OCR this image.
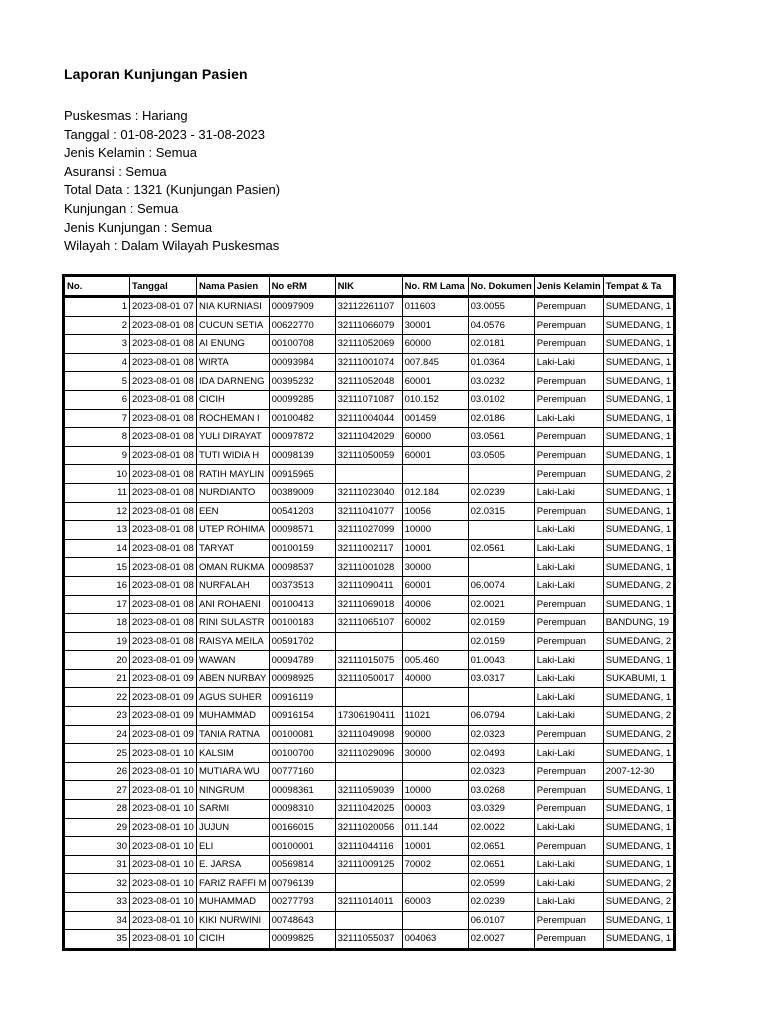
Laporan Kunjungan Pasien
Puskesmas : Hariang
Tanggal : 01-08-2023 - 31-08-2023
Jenis Kelamin : Semua
Asuransi : Semua
Total Data : 1321 (Kunjungan Pasien)
Kunjungan : Semua
Jenis Kunjungan : Semua
Wilayah : Dalam Wilayah Puskesmas
No.	Tanggal	Nama Pasien	No eRM	NIK	No. RM Lama	No. Dokumen	Jenis Kelamin	Tempat & Ta
1	2023-08-01 07	NIA KURNIASI	00097909	32112261107	011603	03.0055	Perempuan	SUMEDANG, 1
2	2023-08-01 08	CUCUN SETIA	00622770	32111066079	30001	04.0576	Perempuan	SUMEDANG, 1
3	2023-08-01 08	AI ENUNG	00100708	32111052069	60000	02.0181	Perempuan	SUMEDANG, 1
4	2023-08-01 08	WIRTA	00093984	32111001074	007.845	01.0364	Laki-Laki	SUMEDANG, 1
5	2023-08-01 08	IDA DARNENG	00395232	32111052048	60001	03.0232	Perempuan	SUMEDANG, 1
6	2023-08-01 08	CICIH	00099285	32111071087	010.152	03.0102	Perempuan	SUMEDANG, 1
7	2023-08-01 08	ROCHEMAN I	00100482	32111004044	001459	02.0186	Laki-Laki	SUMEDANG, 1
8	2023-08-01 08	YULI DIRAYAT	00097872	32111042029	60000	03.0561	Perempuan	SUMEDANG, 1
9	2023-08-01 08	TUTI WIDIA H	00098139	32111050059	60001	03.0505	Perempuan	SUMEDANG, 1
10	2023-08-01 08	RATIH MAYLIN	00915965				Perempuan	SUMEDANG, 2
11	2023-08-01 08	NURDIANTO	00389009	32111023040	012.184	02.0239	Laki-Laki	SUMEDANG, 1
12	2023-08-01 08	EEN	00541203	32111041077	10056	02.0315	Perempuan	SUMEDANG, 1
13	2023-08-01 08	UTEP ROHIMA	00098571	32111027099	10000		Laki-Laki	SUMEDANG, 1
14	2023-08-01 08	TARYAT	00100159	32111002117	10001	02.0561	Laki-Laki	SUMEDANG, 1
15	2023-08-01 08	OMAN RUKMA	00098537	32111001028	30000		Laki-Laki	SUMEDANG, 1
16	2023-08-01 08	NURFALAH	00373513	32111090411	60001	06.0074	Laki-Laki	SUMEDANG, 2
17	2023-08-01 08	ANI ROHAENI	00100413	32111069018	40006	02.0021	Perempuan	SUMEDANG, 1
18	2023-08-01 08	RINI SULASTR	00100183	32111065107	60002	02.0159	Perempuan	BANDUNG, 19
19	2023-08-01 08	RAISYA MEILA	00591702			02.0159	Perempuan	SUMEDANG, 2
20	2023-08-01 09	WAWAN	00094789	32111015075	005.460	01.0043	Laki-Laki	SUMEDANG, 1
21	2023-08-01 09	ABEN NURBAY	00098925	32111050017	40000	03.0317	Laki-Laki	SUKABUMI, 1
22	2023-08-01 09	AGUS SUHER	00916119				Laki-Laki	SUMEDANG, 1
23	2023-08-01 09	MUHAMMAD	00916154	17306190411	11021	06.0794	Laki-Laki	SUMEDANG, 2
24	2023-08-01 09	TANIA RATNA	00100081	32111049098	90000	02.0323	Perempuan	SUMEDANG, 2
25	2023-08-01 10	KALSIM	00100700	32111029096	30000	02.0493	Laki-Laki	SUMEDANG, 1
26	2023-08-01 10	MUTIARA WU	00777160			02.0323	Perempuan	2007-12-30
27	2023-08-01 10	NINGRUM	00098361	32111059039	10000	03.0268	Perempuan	SUMEDANG, 1
28	2023-08-01 10	SARMI	00098310	32111042025	00003	03.0329	Perempuan	SUMEDANG, 1
29	2023-08-01 10	JUJUN	00166015	32111020056	011.144	02.0022	Laki-Laki	SUMEDANG, 1
30	2023-08-01 10	ELI	00100001	32111044116	10001	02.0651	Perempuan	SUMEDANG, 1
31	2023-08-01 10	E. JARSA	00569814	32111009125	70002	02.0651	Laki-Laki	SUMEDANG, 1
32	2023-08-01 10	FARIZ RAFFI M	00796139			02.0599	Laki-Laki	SUMEDANG, 2
33	2023-08-01 10	MUHAMMAD	00277793	32111014011	60003	02.0239	Laki-Laki	SUMEDANG, 2
34	2023-08-01 10	KIKI NURWINI	00748643			06.0107	Perempuan	SUMEDANG, 1
35	2023-08-01 10	CICIH	00099825	32111055037	004063	02.0027	Perempuan	SUMEDANG, 1
